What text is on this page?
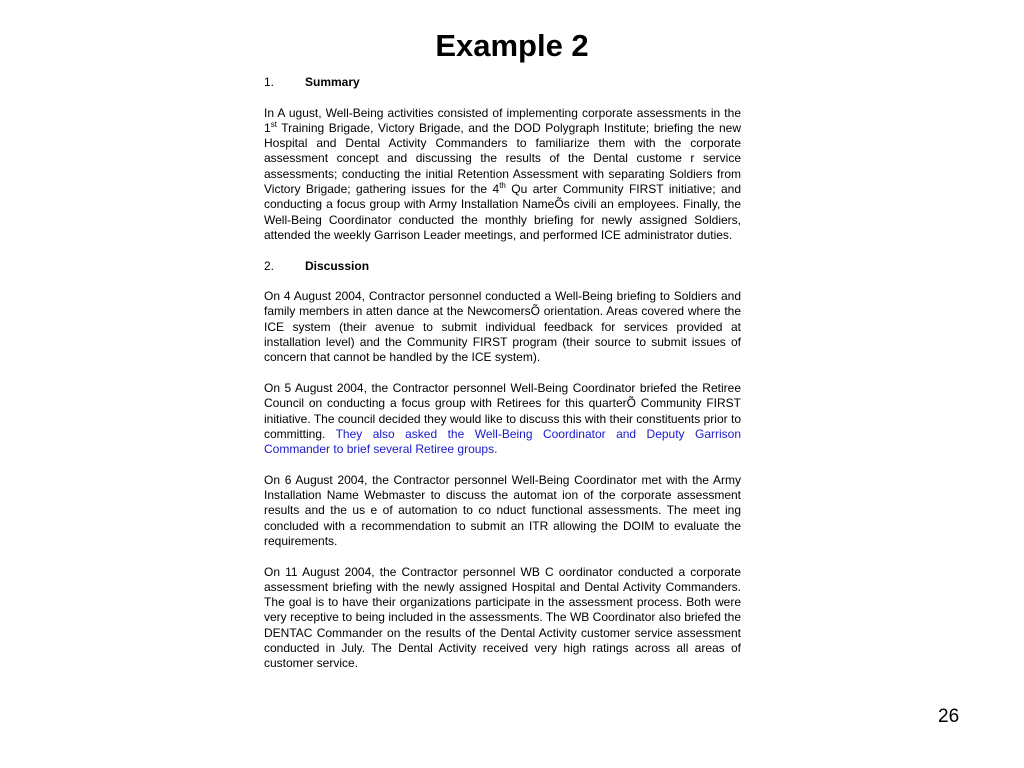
Example 2
1.	Summary

In A ugust, Well-Being activities consisted of implementing corporate assessments in the 1st Training Brigade, Victory Brigade, and the DOD Polygraph Institute; briefing the new Hospital and Dental Activity Commanders to familiarize them with the corporate assessment concept and discussing the results of the Dental custome r service assessments; conducting the initial Retention Assessment with separating Soldiers from Victory Brigade; gathering issues for the 4th Qu arter Community FIRST initiative; and conducting a focus group with Army Installation NameÕs civili an employees. Finally, the Well-Being Coordinator conducted the monthly briefing for newly assigned Soldiers, attended the weekly Garrison Leader meetings, and performed ICE administrator duties.

2.	Discussion

On 4 August 2004, Contractor personnel conducted a Well-Being briefing to Soldiers and family members in atten dance at the NewcomersÕ orientation. Areas covered where the ICE system (their avenue to submit individual feedback for services provided at installation level) and the Community FIRST program (their source to submit issues of concern that cannot be handled by the ICE system).

On 5 August 2004, the Contractor personnel Well-Being Coordinator briefed the Retiree Council on conducting a focus group with Retirees for this quarterÕ Community FIRST initiative. The council decided they would like to discuss this with their constituents prior to committing. They also asked the Well-Being Coordinator and Deputy Garrison Commander to brief several Retiree groups.

On 6 August 2004, the Contractor personnel Well-Being Coordinator met with the Army Installation Name Webmaster to discuss the automat ion of the corporate assessment results and the us e of automation to co nduct functional assessments. The meet ing concluded with a recommendation to submit an ITR allowing the DOIM to evaluate the requirements.

On 11 August 2004, the Contractor personnel WB C oordinator conducted a corporate assessment briefing with the newly assigned Hospital and Dental Activity Commanders. The goal is to have their organizations participate in the assessment process. Both were very receptive to being included in the assessments. The WB Coordinator also briefed the DENTAC Commander on the results of the Dental Activity customer service assessment conducted in July. The Dental Activity received very high ratings across all areas of customer service.

26
